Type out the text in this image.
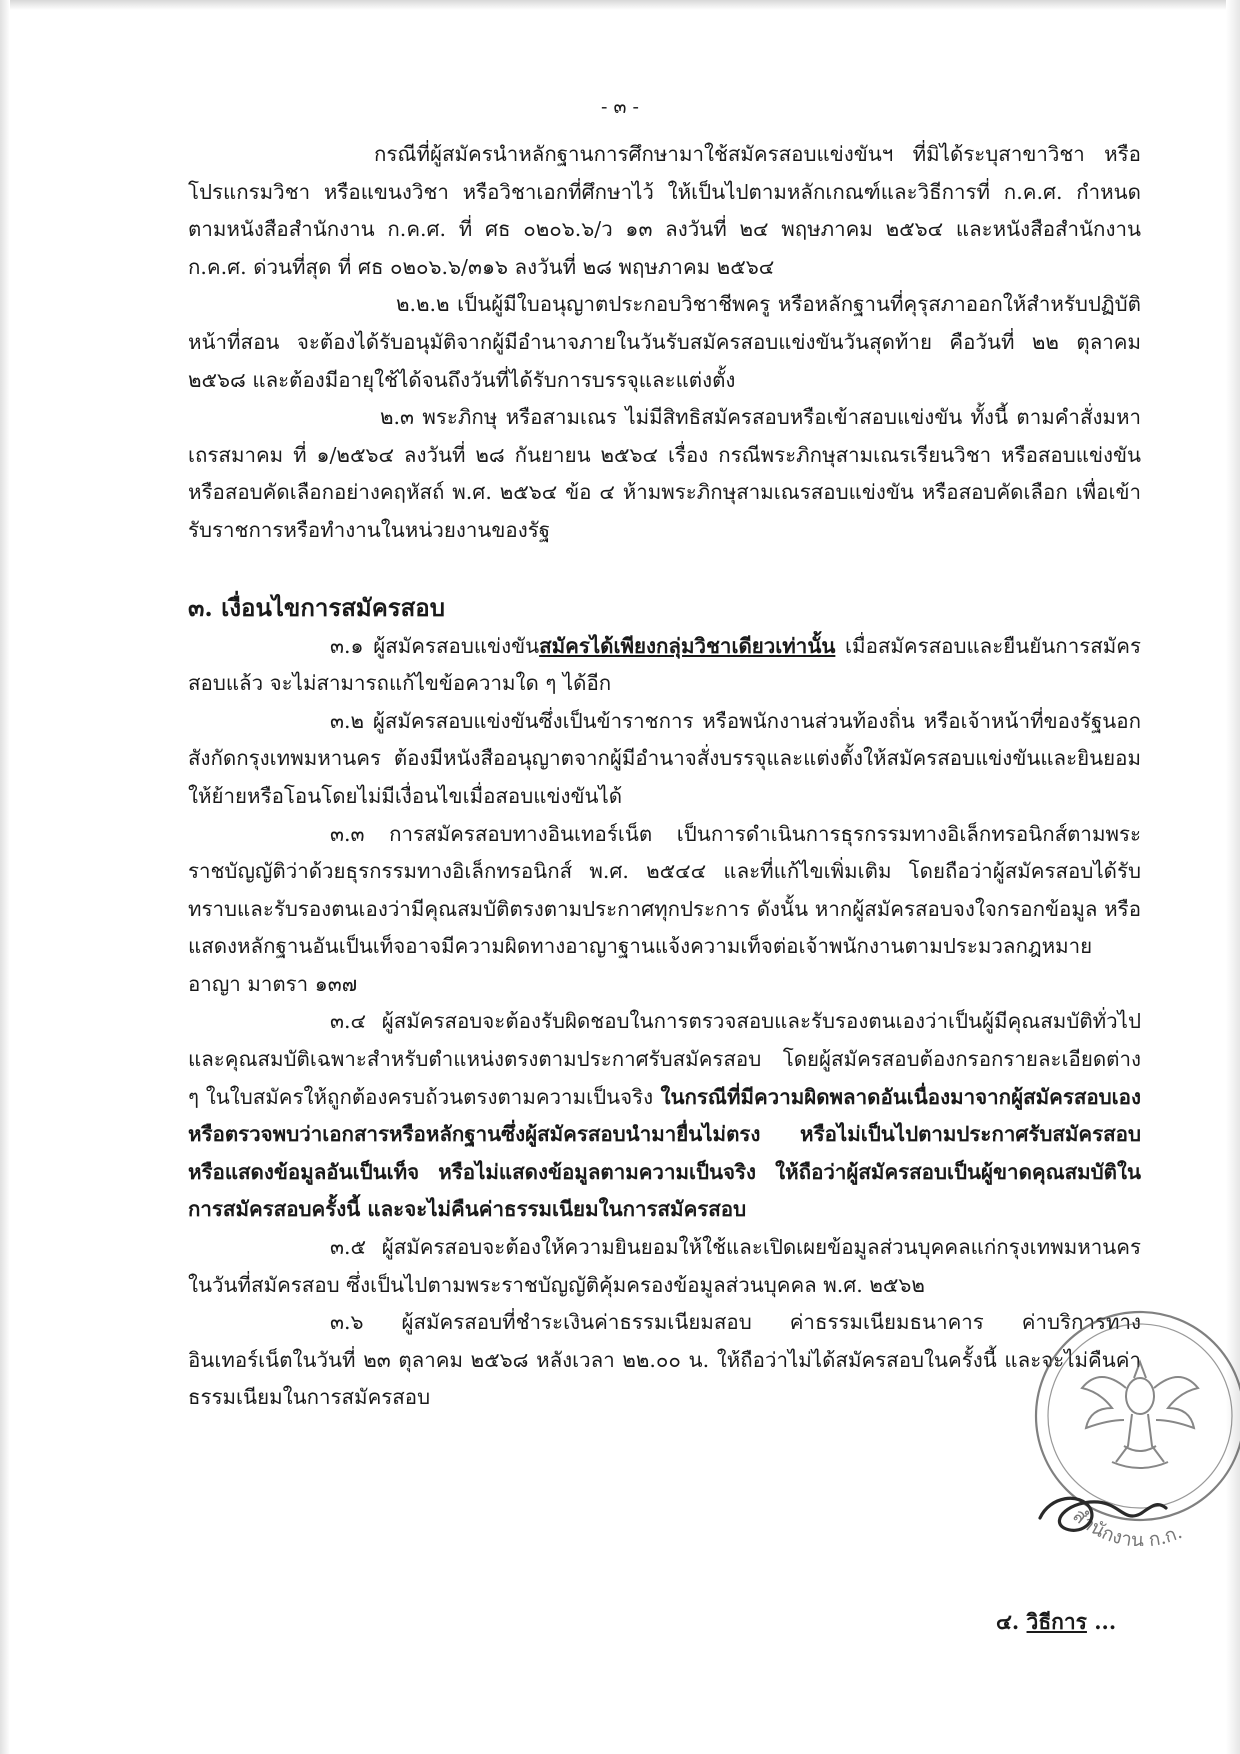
- ๓ -

กรณีที่ผู้สมัครนำหลักฐานการศึกษามาใช้สมัครสอบแข่งขันฯ ที่มิได้ระบุสาขาวิชา หรือโปรแกรมวิชา หรือแขนงวิชา หรือวิชาเอกที่ศึกษาไว้ ให้เป็นไปตามหลักเกณฑ์และวิธีการที่ ก.ค.ศ. กำหนดตามหนังสือสำนักงาน ก.ค.ศ. ที่ ศธ ๐๒๐๖.๖/ว ๑๓ ลงวันที่ ๒๔ พฤษภาคม ๒๕๖๔ และหนังสือสำนักงาน ก.ค.ศ. ด่วนที่สุด ที่ ศธ ๐๒๐๖.๖/๓๑๖ ลงวันที่ ๒๘ พฤษภาคม ๒๕๖๔

๒.๒.๒ เป็นผู้มีใบอนุญาตประกอบวิชาชีพครู หรือหลักฐานที่คุรุสภาออกให้สำหรับปฏิบัติหน้าที่สอน จะต้องได้รับอนุมัติจากผู้มีอำนาจภายในวันรับสมัครสอบแข่งขันวันสุดท้าย คือวันที่ ๒๒ ตุลาคม ๒๕๖๘ และต้องมีอายุใช้ได้จนถึงวันที่ได้รับการบรรจุและแต่งตั้ง

๒.๓ พระภิกษุ หรือสามเณร ไม่มีสิทธิสมัครสอบหรือเข้าสอบแข่งขัน ทั้งนี้ ตามคำสั่งมหาเถรสมาคม ที่ ๑/๒๕๖๔ ลงวันที่ ๒๘ กันยายน ๒๕๖๔ เรื่อง กรณีพระภิกษุสามเณรเรียนวิชา หรือสอบแข่งขันหรือสอบคัดเลือกอย่างคฤหัสถ์ พ.ศ. ๒๕๖๔ ข้อ ๔ ห้ามพระภิกษุสามเณรสอบแข่งขัน หรือสอบคัดเลือก เพื่อเข้ารับราชการหรือทำงานในหน่วยงานของรัฐ

๓. เงื่อนไขการสมัครสอบ

๓.๑ ผู้สมัครสอบแข่งขันสมัครได้เพียงกลุ่มวิชาเดียวเท่านั้น เมื่อสมัครสอบและยืนยันการสมัครสอบแล้ว จะไม่สามารถแก้ไขข้อความใด ๆ ได้อีก

๓.๒ ผู้สมัครสอบแข่งขันซึ่งเป็นข้าราชการ หรือพนักงานส่วนท้องถิ่น หรือเจ้าหน้าที่ของรัฐนอกสังกัดกรุงเทพมหานคร ต้องมีหนังสืออนุญาตจากผู้มีอำนาจสั่งบรรจุและแต่งตั้งให้สมัครสอบแข่งขันและยินยอมให้ย้ายหรือโอนโดยไม่มีเงื่อนไขเมื่อสอบแข่งขันได้

๓.๓ การสมัครสอบทางอินเทอร์เน็ต เป็นการดำเนินการธุรกรรมทางอิเล็กทรอนิกส์ตามพระราชบัญญัติว่าด้วยธุรกรรมทางอิเล็กทรอนิกส์ พ.ศ. ๒๕๔๔ และที่แก้ไขเพิ่มเติม โดยถือว่าผู้สมัครสอบได้รับทราบและรับรองตนเองว่ามีคุณสมบัติตรงตามประกาศทุกประการ ดังนั้น หากผู้สมัครสอบจงใจกรอกข้อมูล หรือแสดงหลักฐานอันเป็นเท็จอาจมีความผิดทางอาญาฐานแจ้งความเท็จต่อเจ้าพนักงานตามประมวลกฎหมายอาญา มาตรา ๑๓๗

๓.๔ ผู้สมัครสอบจะต้องรับผิดชอบในการตรวจสอบและรับรองตนเองว่าเป็นผู้มีคุณสมบัติทั่วไปและคุณสมบัติเฉพาะสำหรับตำแหน่งตรงตามประกาศรับสมัครสอบ โดยผู้สมัครสอบต้องกรอกรายละเอียดต่าง ๆ ในใบสมัครให้ถูกต้องครบถ้วนตรงตามความเป็นจริง ในกรณีที่มีความผิดพลาดอันเนื่องมาจากผู้สมัครสอบเองหรือตรวจพบว่าเอกสารหรือหลักฐานซึ่งผู้สมัครสอบนำมายื่นไม่ตรง หรือไม่เป็นไปตามประกาศรับสมัครสอบหรือแสดงข้อมูลอันเป็นเท็จ หรือไม่แสดงข้อมูลตามความเป็นจริง ให้ถือว่าผู้สมัครสอบเป็นผู้ขาดคุณสมบัติในการสมัครสอบครั้งนี้ และจะไม่คืนค่าธรรมเนียมในการสมัครสอบ

๓.๕ ผู้สมัครสอบจะต้องให้ความยินยอมให้ใช้และเปิดเผยข้อมูลส่วนบุคคลแก่กรุงเทพมหานครในวันที่สมัครสอบ ซึ่งเป็นไปตามพระราชบัญญัติคุ้มครองข้อมูลส่วนบุคคล พ.ศ. ๒๕๖๒

๓.๖ ผู้สมัครสอบที่ชำระเงินค่าธรรมเนียมสอบ ค่าธรรมเนียมธนาคาร ค่าบริการทางอินเทอร์เน็ตในวันที่ ๒๓ ตุลาคม ๒๕๖๘ หลังเวลา ๒๒.๐๐ น. ให้ถือว่าไม่ได้สมัครสอบในครั้งนี้ และจะไม่คืนค่าธรรมเนียมในการสมัครสอบ

สำนักงาน ก.ก.
๔. วิธีการ ...
